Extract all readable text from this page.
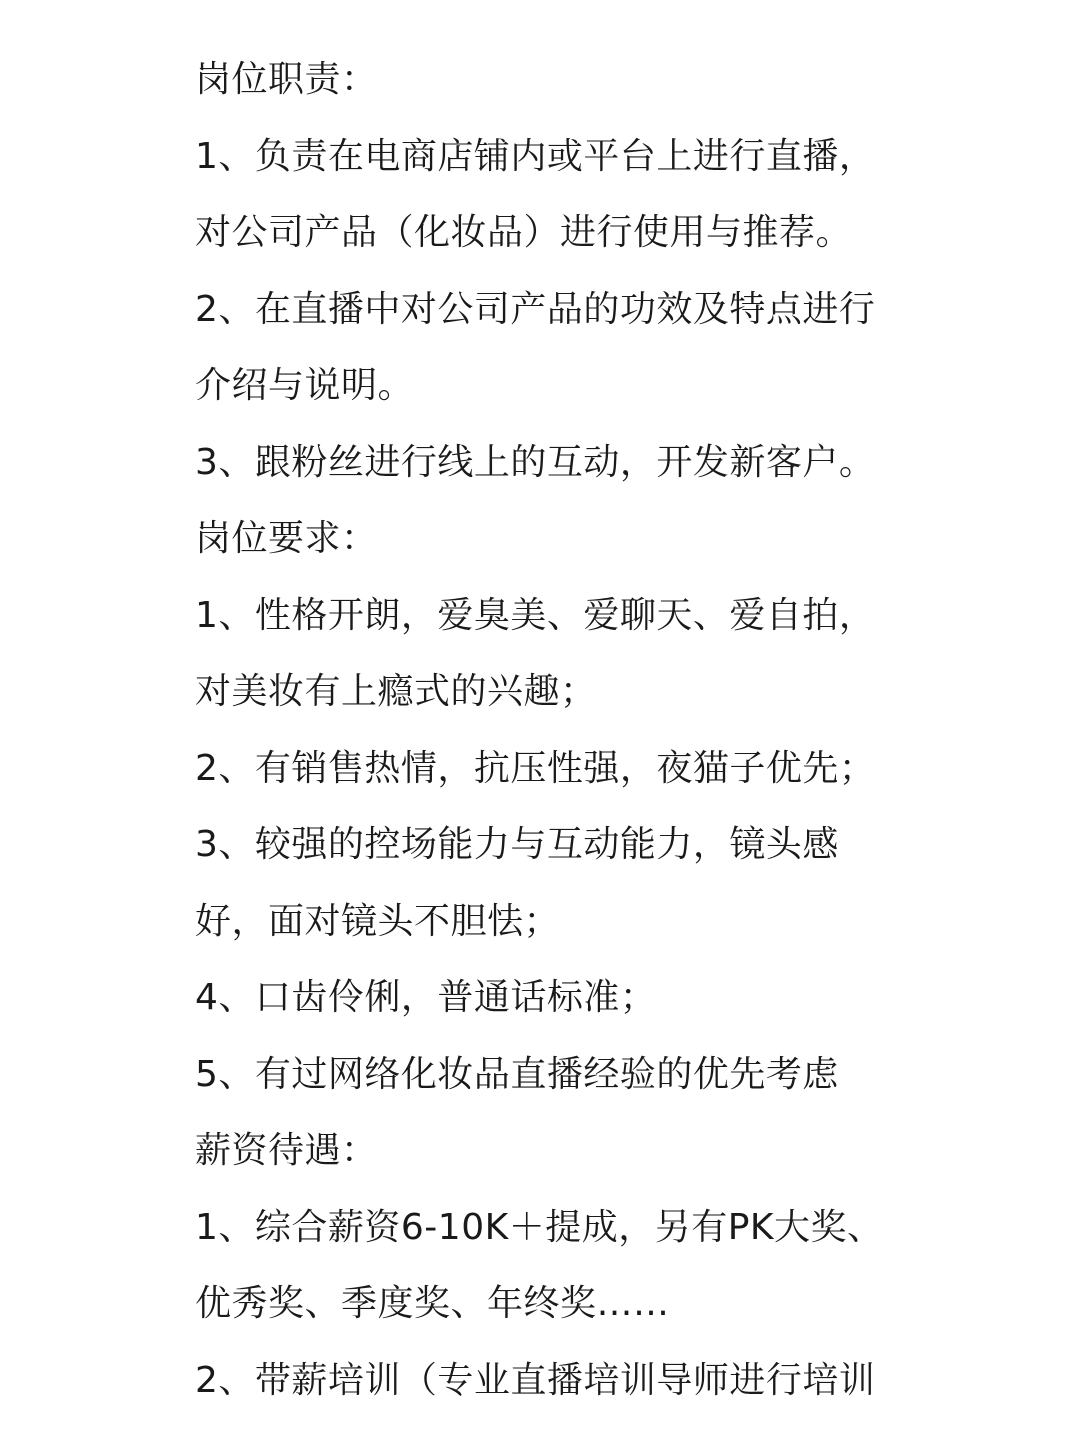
岗位职责：
1、负责在电商店铺内或平台上进行直播，
对公司产品（化妆品）进行使用与推荐。
2、在直播中对公司产品的功效及特点进行
介绍与说明。
3、跟粉丝进行线上的互动，开发新客户。
岗位要求：
1、性格开朗，爱臭美、爱聊天、爱自拍，
对美妆有上瘾式的兴趣；
2、有销售热情，抗压性强，夜猫子优先；
3、较强的控场能力与互动能力，镜头感
好，面对镜头不胆怯；
4、口齿伶俐，普通话标准；
5、有过网络化妆品直播经验的优先考虑
薪资待遇：
1、综合薪资6-10K＋提成，另有PK大奖、
优秀奖、季度奖、年终奖……
2、带薪培训（专业直播培训导师进行培训
